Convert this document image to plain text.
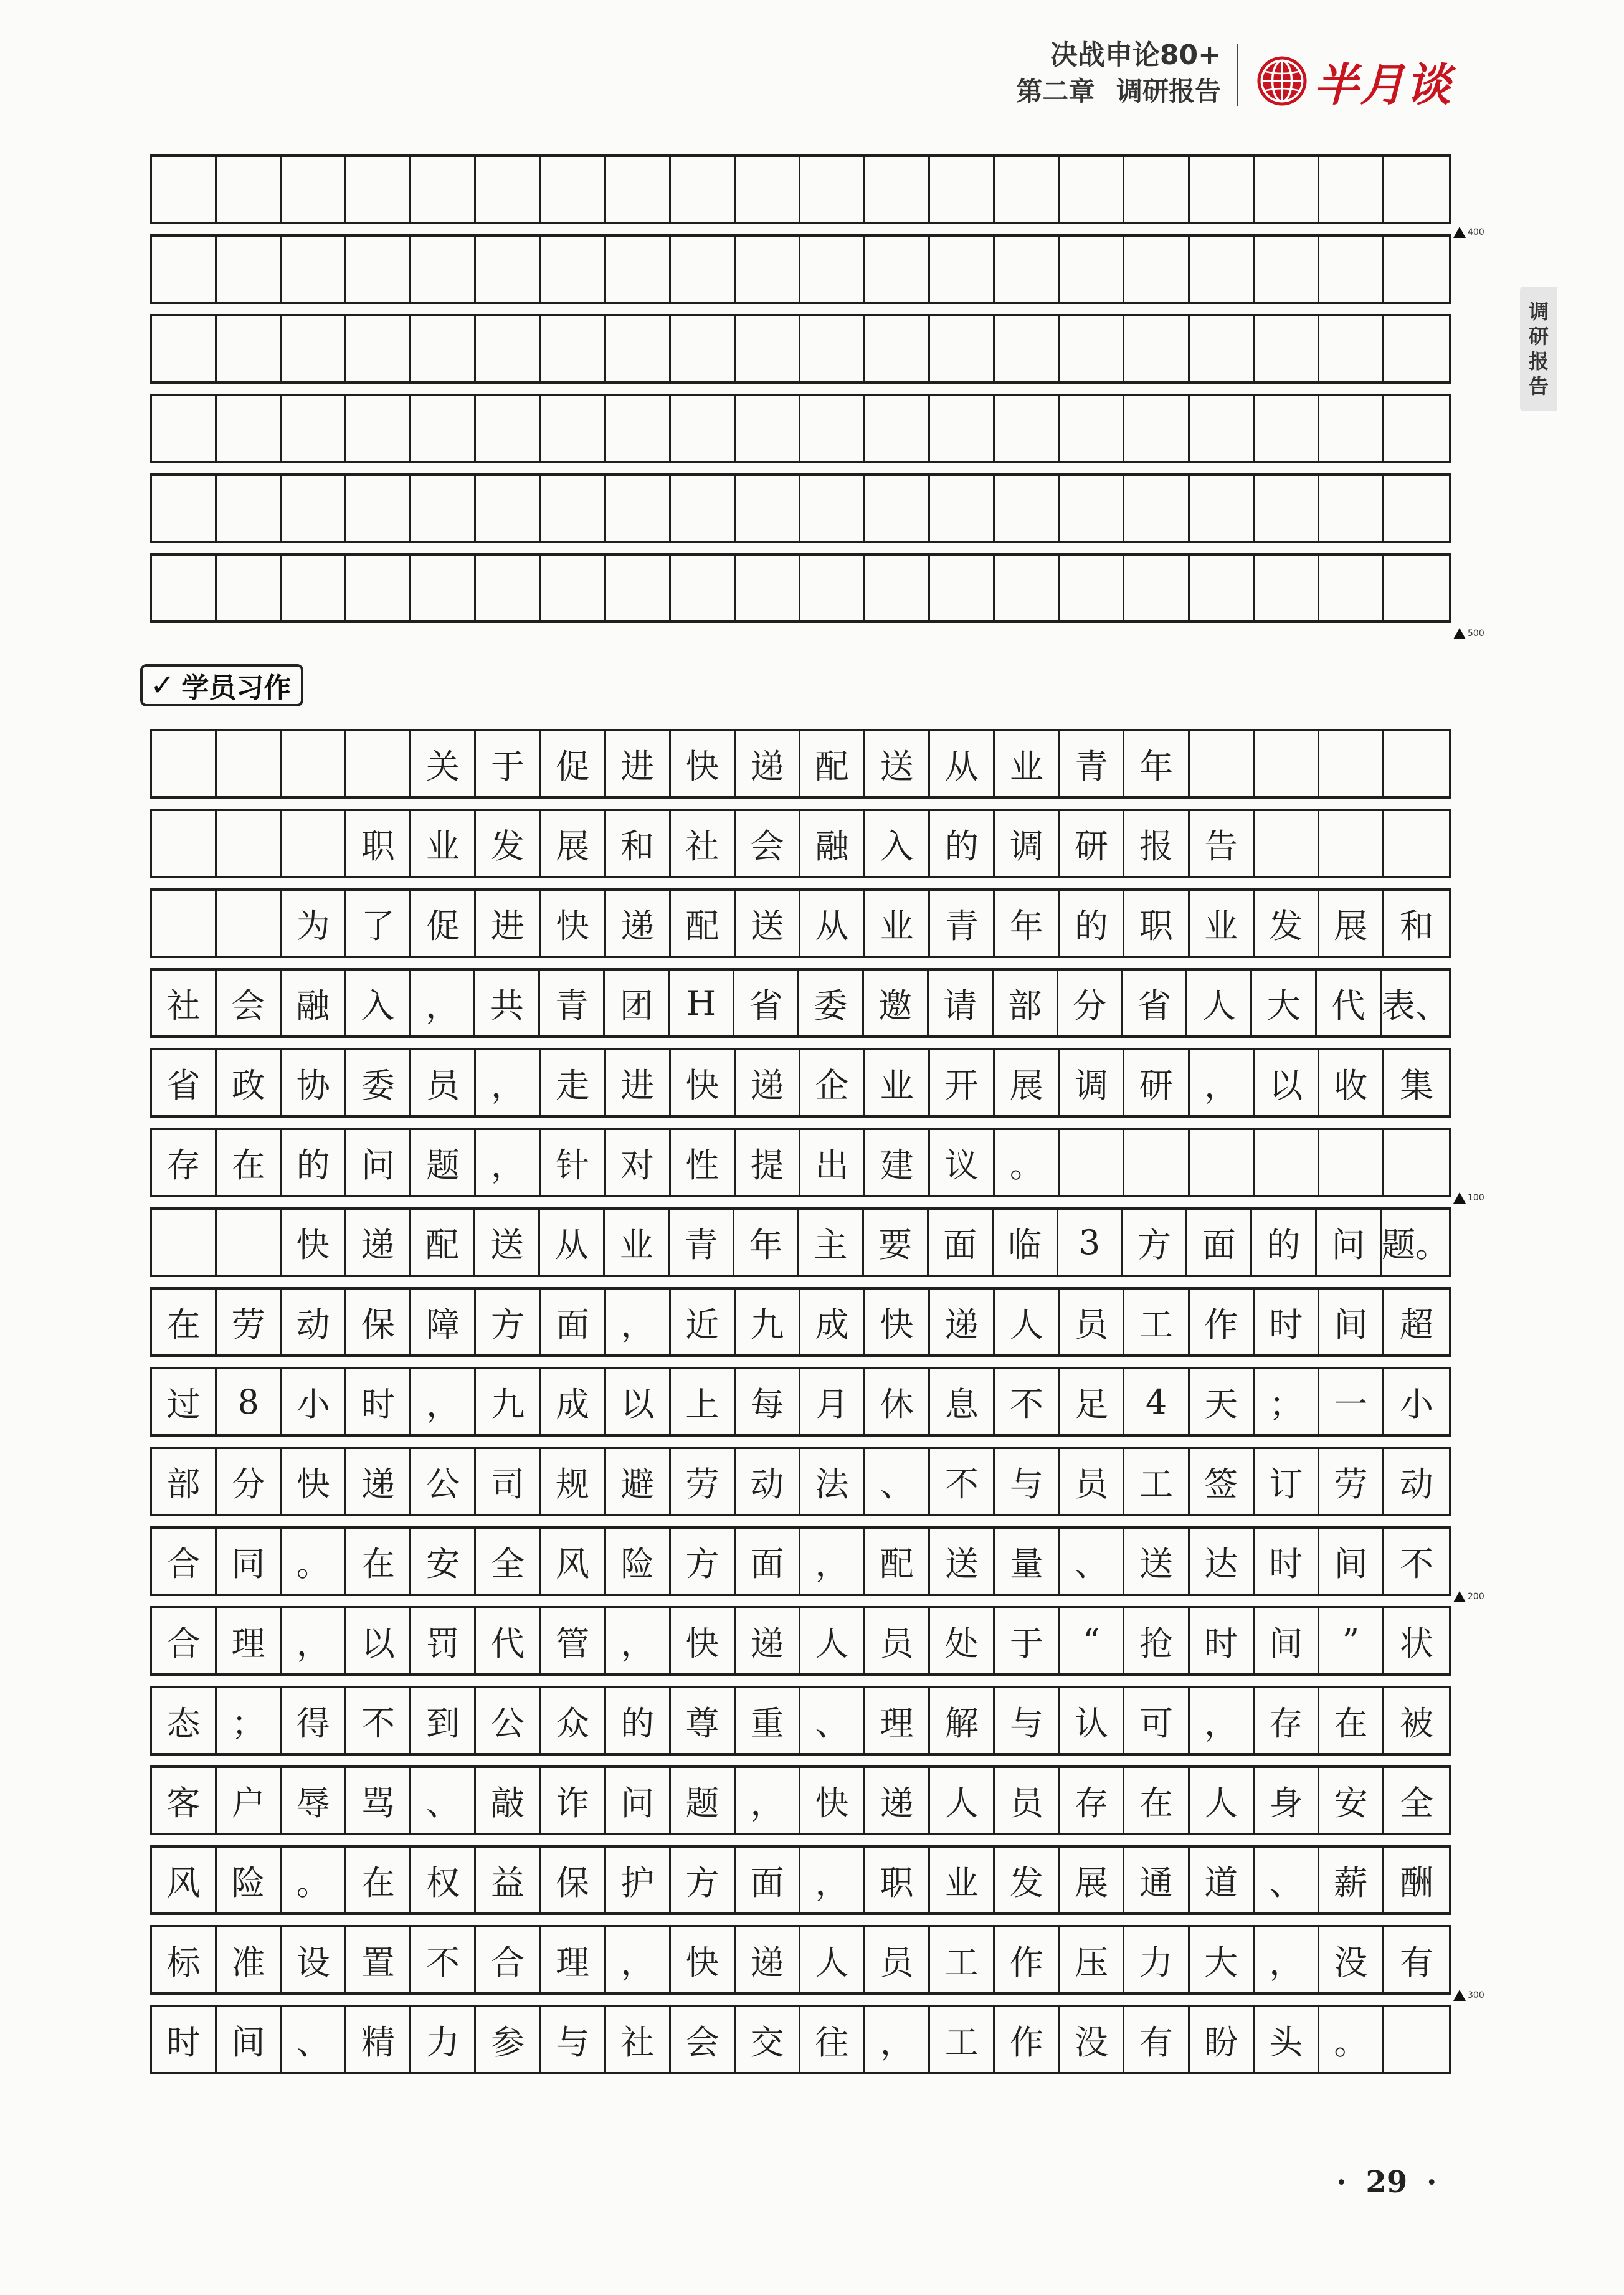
决战申论80+
第二章 调研报告 半月谈
调
研
报
告
400
500
✓ 学员习作
关 于 促 进 快 递 配 送 从 业 青 年
职 业 发 展 和 社 会 融 入 的 调 研 报 告
为 了 促 进 快 递 配 送 从 业 青 年 的 职 业 发 展 和
社 会 融 入 ， 共 青 团 H 省 委 邀 请 部 分 省 人 大 代 表、
省 政 协 委 员 ， 走 进 快 递 企 业 开 展 调 研 ， 以 收 集
存 在 的 问 题 ， 针 对 性 提 出 建 议 。
快 递 配 送 从 业 青 年 主 要 面 临	3	方 面 的 问 题。
在 劳 动 保 障 方 面 ， 近 九 成 快 递 人 员 工 作 时 间 超
过	8	小 时 ， 九 成 以 上 每 月 休 息 不 足	4	天 ； 一 小
部 分 快 递 公 司 规 避 劳 动 法 、 不 与 员 工 签 订 劳 动
合 同 。 在 安 全 风 险 方 面 ， 配 送 量 、 送 达 时 间 不
合 理 ， 以 罚 代 管 ， 快 递 人 员 处 于	“	抢 时 间	”	状
态 ； 得 不 到 公 众 的 尊 重 、 理 解 与 认 可 ， 存 在 被
客 户 辱 骂 、 敲 诈 问 题 ， 快 递 人 员 存 在 人 身 安 全
风 险 。 在 权 益 保 护 方 面 ， 职 业 发 展 通 道 、 薪 酬
标 准 设 置 不 合 理 ， 快 递 人 员 工 作 压 力 大 ， 没 有
时 间 、 精 力 参 与 社 会 交 往 ， 工 作 没 有 盼 头 。
100
200
300
· 29 ·
